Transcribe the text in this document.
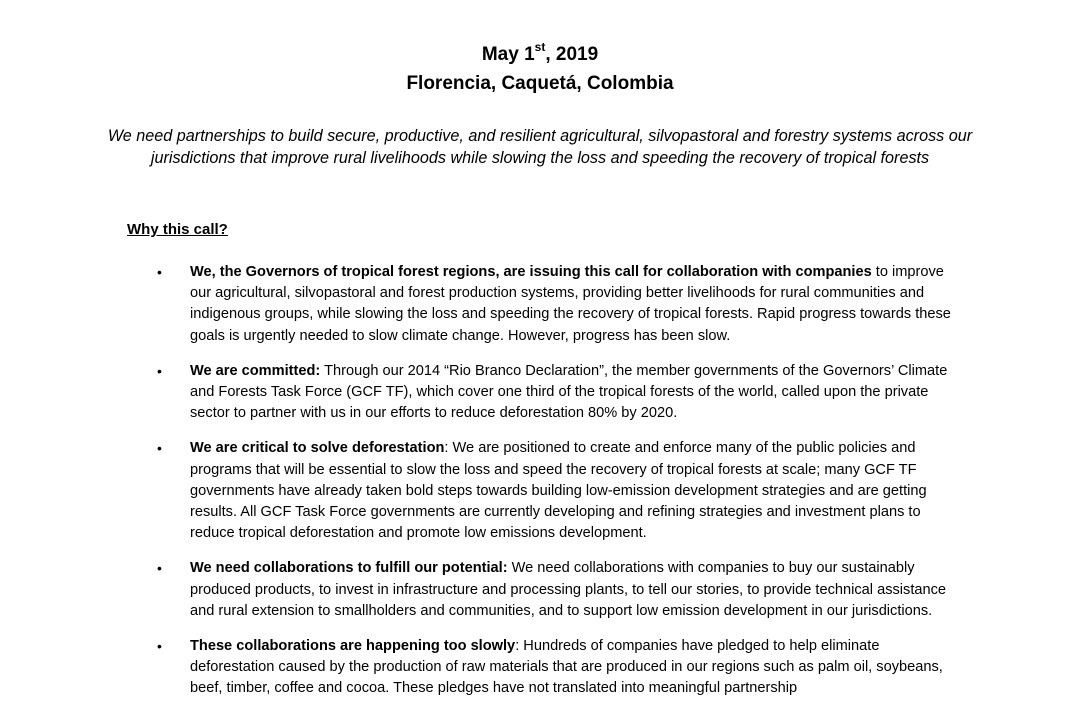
May 1st, 2019
Florencia, Caquetá, Colombia
We need partnerships to build secure, productive, and resilient agricultural, silvopastoral and forestry systems across our jurisdictions that improve rural livelihoods while slowing the loss and speeding the recovery of tropical forests
Why this call?
•	We, the Governors of tropical forest regions, are issuing this call for collaboration with companies to improve our agricultural, silvopastoral and forest production systems, providing better livelihoods for rural communities and indigenous groups, while slowing the loss and speeding the recovery of tropical forests. Rapid progress towards these goals is urgently needed to slow climate change. However, progress has been slow.
•	We are committed: Through our 2014 “Rio Branco Declaration”, the member governments of the Governors’ Climate and Forests Task Force (GCF TF), which cover one third of the tropical forests of the world, called upon the private sector to partner with us in our efforts to reduce deforestation 80% by 2020.
•	We are critical to solve deforestation: We are positioned to create and enforce many of the public policies and programs that will be essential to slow the loss and speed the recovery of tropical forests at scale; many GCF TF governments have already taken bold steps towards building low-emission development strategies and are getting results. All GCF Task Force governments are currently developing and refining strategies and investment plans to reduce tropical deforestation and promote low emissions development.
•	We need collaborations to fulfill our potential: We need collaborations with companies to buy our sustainably produced products, to invest in infrastructure and processing plants, to tell our stories, to provide technical assistance and rural extension to smallholders and communities, and to support low emission development in our jurisdictions.
•	These collaborations are happening too slowly: Hundreds of companies have pledged to help eliminate deforestation caused by the production of raw materials that are produced in our regions such as palm oil, soybeans, beef, timber, coffee and cocoa. These pledges have not translated into meaningful partnership
